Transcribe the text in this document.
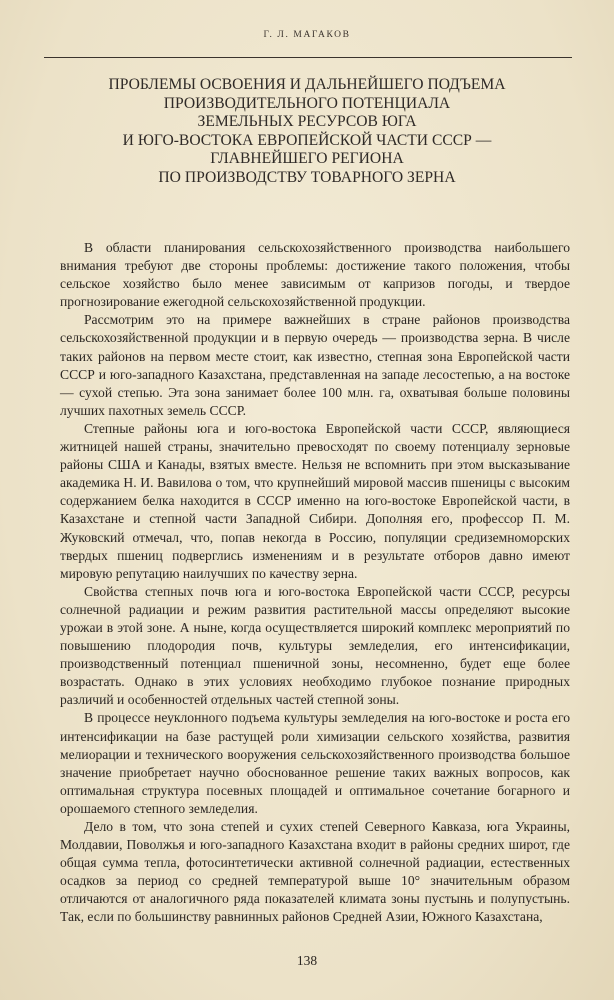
Г. Л. МАГАКОВ
ПРОБЛЕМЫ ОСВОЕНИЯ И ДАЛЬНЕЙШЕГО ПОДЪЕМА
ПРОИЗВОДИТЕЛЬНОГО ПОТЕНЦИАЛА
ЗЕМЕЛЬНЫХ РЕСУРСОВ ЮГА
И ЮГО-ВОСТОКА ЕВРОПЕЙСКОЙ ЧАСТИ СССР —
ГЛАВНЕЙШЕГО РЕГИОНА
ПО ПРОИЗВОДСТВУ ТОВАРНОГО ЗЕРНА

В области планирования сельскохозяйственного производства наибольшего внимания требуют две стороны проблемы: достижение такого положения, чтобы сельское хозяйство было менее зависимым от капризов погоды, и твердое прогнозирование ежегодной сельскохозяйственной продукции.

Рассмотрим это на примере важнейших в стране районов производства сельскохозяйственной продукции и в первую очередь — производства зерна. В числе таких районов на первом месте стоит, как известно, степная зона Европейской части СССР и юго-западного Казахстана, представленная на западе лесостепью, а на востоке — сухой степью. Эта зона занимает более 100 млн. га, охватывая больше половины лучших пахотных земель СССР.

Степные районы юга и юго-востока Европейской части СССР, являющиеся житницей нашей страны, значительно превосходят по своему потенциалу зерновые районы США и Канады, взятых вместе. Нельзя не вспомнить при этом высказывание академика Н. И. Вавилова о том, что крупнейший мировой массив пшеницы с высоким содержанием белка находится в СССР именно на юго-востоке Европейской части, в Казахстане и степной части Западной Сибири. Дополняя его, профессор П. М. Жуковский отмечал, что, попав некогда в Россию, популяции средиземноморских твердых пшениц подверглись изменениям и в результате отборов давно имеют мировую репутацию наилучших по качеству зерна.

Свойства степных почв юга и юго-востока Европейской части СССР, ресурсы солнечной радиации и режим развития растительной массы определяют высокие урожаи в этой зоне. А ныне, когда осуществляется широкий комплекс мероприятий по повышению плодородия почв, культуры земледелия, его интенсификации, производственный потенциал пшеничной зоны, несомненно, будет еще более возрастать. Однако в этих условиях необходимо глубокое познание природных различий и особенностей отдельных частей степной зоны.

В процессе неуклонного подъема культуры земледелия на юго-востоке и роста его интенсификации на базе растущей роли химизации сельского хозяйства, развития мелиорации и технического вооружения сельскохозяйственного производства большое значение приобретает научно обоснованное решение таких важных вопросов, как оптимальная структура посевных площадей и оптимальное сочетание богарного и орошаемого степного земледелия.

Дело в том, что зона степей и сухих степей Северного Кавказа, юга Украины, Молдавии, Поволжья и юго-западного Казахстана входит в районы средних широт, где общая сумма тепла, фотосинтетически активной солнечной радиации, естественных осадков за период со средней температурой выше 10° значительным образом отличаются от аналогичного ряда показателей климата зоны пустынь и полупустынь. Так, если по большинству равнинных районов Средней Азии, Южного Казахстана,

138
